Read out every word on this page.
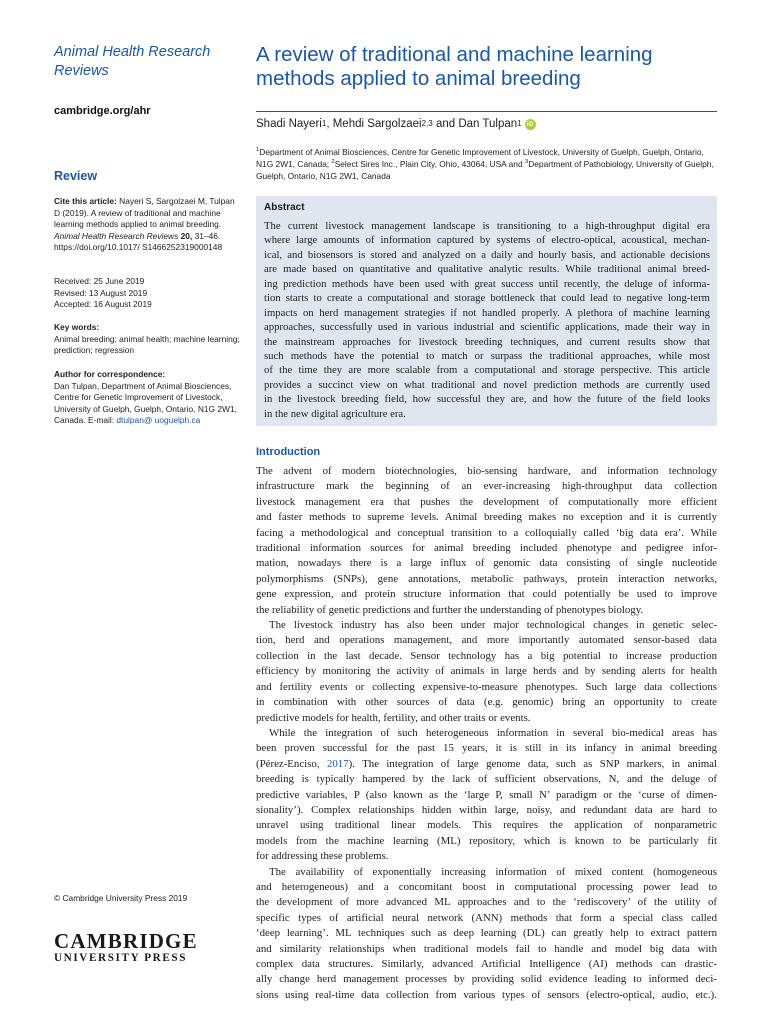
Animal Health Research Reviews
cambridge.org/ahr
Review
Cite this article: Nayeri S, Sargolzaei M, Tulpan D (2019). A review of traditional and machine learning methods applied to animal breeding. Animal Health Research Reviews 20, 31–46. https://doi.org/10.1017/ S1466252319000148
Received: 25 June 2019
Revised: 13 August 2019
Accepted: 16 August 2019
Key words:
Animal breeding; animal health; machine learning; prediction; regression
Author for correspondence:
Dan Tulpan, Department of Animal Biosciences, Centre for Genetic Improvement of Livestock, University of Guelph, Guelph, Ontario, N1G 2W1, Canada. E-mail: dtulpan@ uoguelph.ca
© Cambridge University Press 2019
CAMBRIDGE
UNIVERSITY PRESS
A review of traditional and machine learning methods applied to animal breeding
Shadi Nayeri 1 , Mehdi Sargolzaei 2,3 and Dan Tulpan 1 iD
$^1$Department of Animal Biosciences, Centre for Genetic Improvement of Livestock, University of Guelph, Guelph, Ontario, N1G 2W1, Canada; $^2$Select Sires Inc., Plain City, Ohio, 43064, USA and $^3$Department of Pathobiology, University of Guelph, Guelph, Ontario, N1G 2W1, Canada
Abstract
The current livestock management landscape is transitioning to a high-throughput digital era
where large amounts of information captured by systems of electro-optical, acoustical, mechan-
ical, and biosensors is stored and analyzed on a daily and hourly basis, and actionable decisions
are made based on quantitative and qualitative analytic results. While traditional animal breed-
ing prediction methods have been used with great success until recently, the deluge of informa-
tion starts to create a computational and storage bottleneck that could lead to negative long-term
impacts on herd management strategies if not handled properly. A plethora of machine learning
approaches, successfully used in various industrial and scientific applications, made their way in
the mainstream approaches for livestock breeding techniques, and current results show that
such methods have the potential to match or surpass the traditional approaches, while most
of the time they are more scalable from a computational and storage perspective. This article
provides a succinct view on what traditional and novel prediction methods are currently used
in the livestock breeding field, how successful they are, and how the future of the field looks
in the new digital agriculture era.
Introduction
The advent of modern biotechnologies, bio-sensing hardware, and information technology
infrastructure mark the beginning of an ever-increasing high-throughput data collection
livestock management era that pushes the development of computationally more efficient
and faster methods to supreme levels. Animal breeding makes no exception and it is currently
facing a methodological and conceptual transition to a colloquially called ‘big data era’. While
traditional information sources for animal breeding included phenotype and pedigree infor-
mation, nowadays there is a large influx of genomic data consisting of single nucleotide
polymorphisms (SNPs), gene annotations, metabolic pathways, protein interaction networks,
gene expression, and protein structure information that could potentially be used to improve
the reliability of genetic predictions and further the understanding of phenotypes biology.
The livestock industry has also been under major technological changes in genetic selec-
tion, herd and operations management, and more importantly automated sensor-based data
collection in the last decade. Sensor technology has a big potential to increase production
efficiency by monitoring the activity of animals in large herds and by sending alerts for health
and fertility events or collecting expensive-to-measure phenotypes. Such large data collections
in combination with other sources of data (e.g. genomic) bring an opportunity to create
predictive models for health, fertility, and other traits or events.
While the integration of such heterogeneous information in several bio-medical areas has
been proven successful for the past 15 years, it is still in its infancy in animal breeding
(Pérez-Enciso, 2017). The integration of large genome data, such as SNP markers, in animal
breeding is typically hampered by the lack of sufficient observations, N, and the deluge of
predictive variables, P (also known as the ‘large P, small N’ paradigm or the ‘curse of dimen-
sionality’). Complex relationships hidden within large, noisy, and redundant data are hard to
unravel using traditional linear models. This requires the application of nonparametric
models from the machine learning (ML) repository, which is known to be particularly fit
for addressing these problems.
The availability of exponentially increasing information of mixed content (homogeneous
and heterogeneous) and a concomitant boost in computational processing power lead to
the development of more advanced ML approaches and to the ‘rediscovery’ of the utility of
specific types of artificial neural network (ANN) methods that form a special class called
‘deep learning’. ML techniques such as deep learning (DL) can greatly help to extract pattern
and similarity relationships when traditional models fail to handle and model big data with
complex data structures. Similarly, advanced Artificial Intelligence (AI) methods can drastic-
ally change herd management processes by providing solid evidence leading to informed deci-
sions using real-time data collection from various types of sensors (electro-optical, audio, etc.).
